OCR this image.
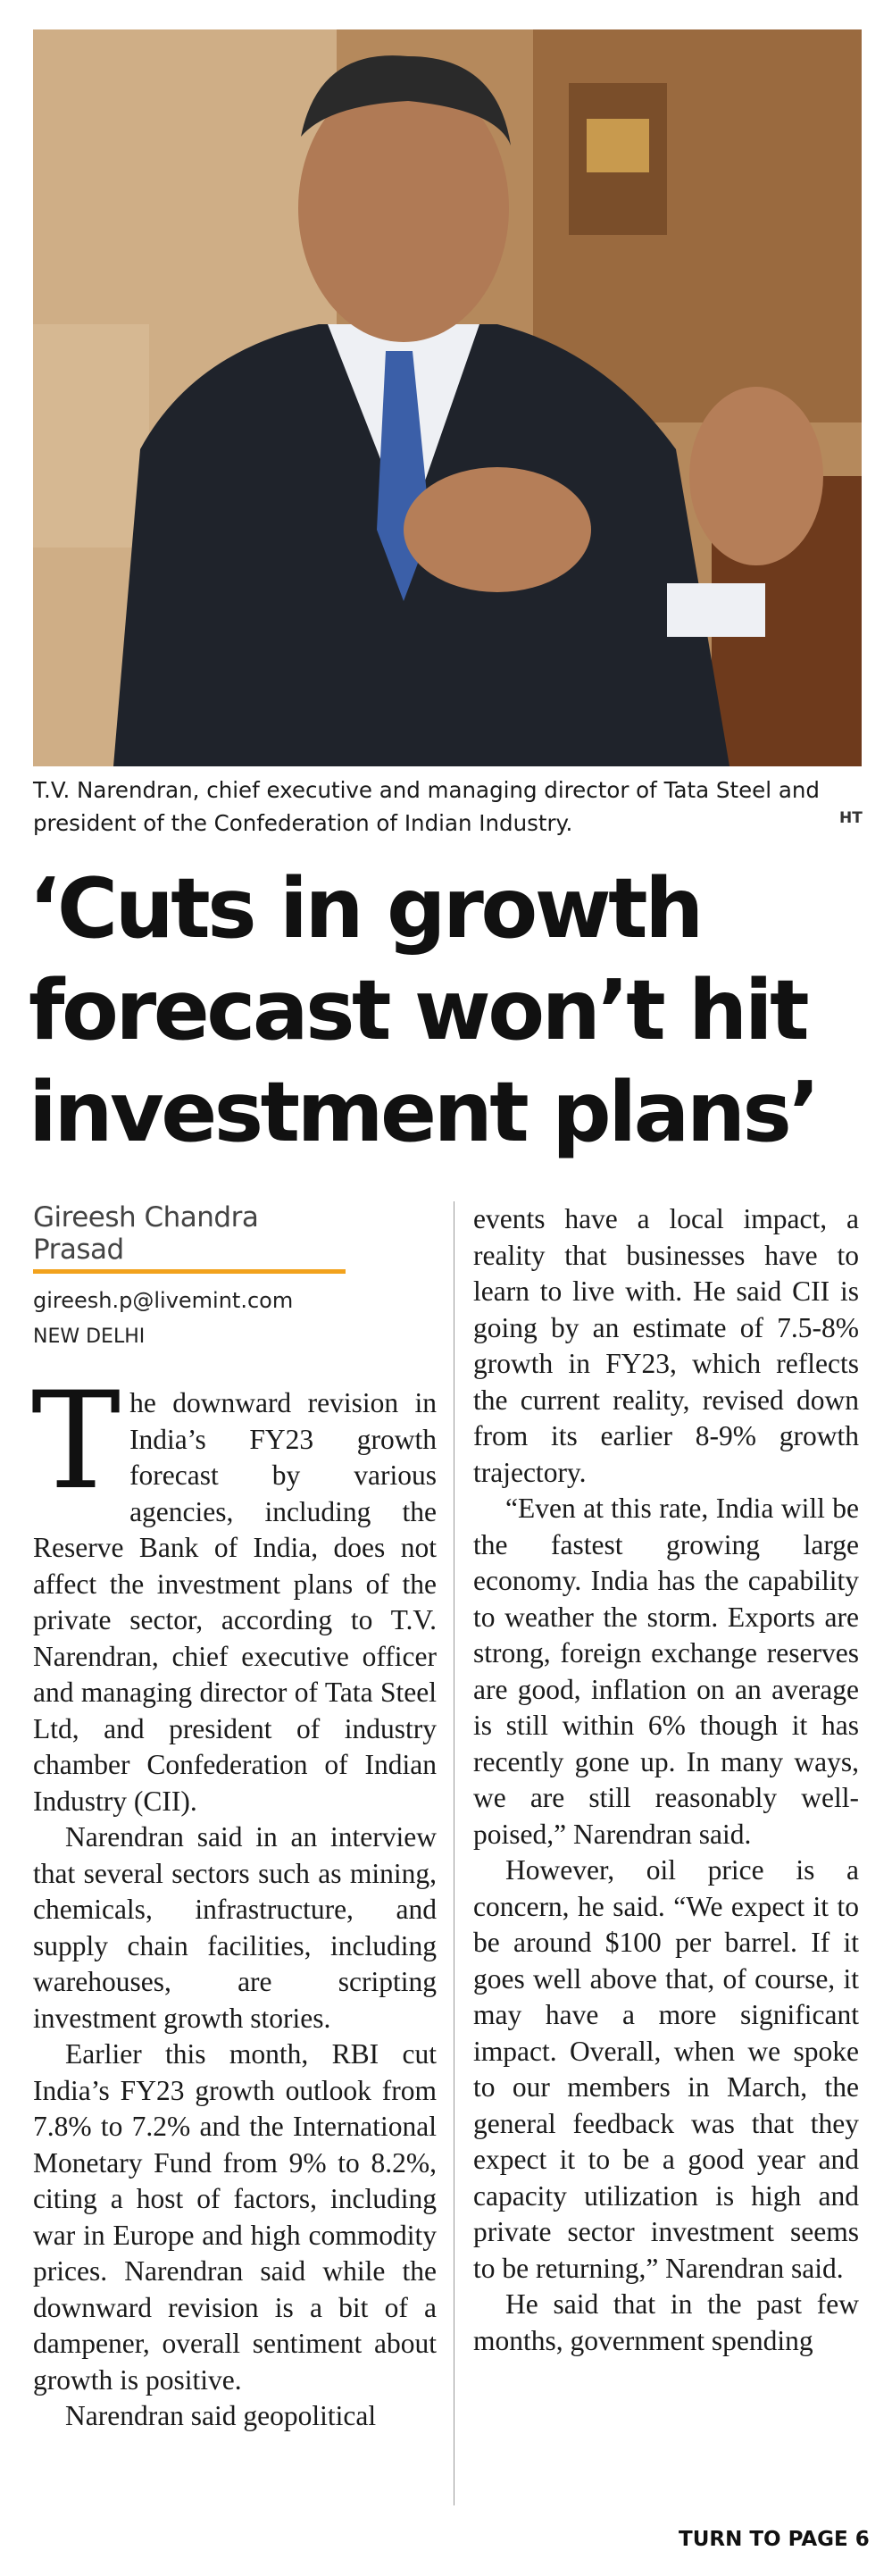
T.V. Narendran, chief executive and managing director of Tata Steel and president of the Confederation of Indian Industry.	HT
‘Cuts in growth forecast won’t hit investment plans’
Gireesh Chandra Prasad
gireesh.p@livemint.com
NEW DELHI

The downward revision in India’s FY23 growth forecast by various agencies, including the Reserve Bank of India, does not affect the investment plans of the private sector, according to T.V. Narendran, chief executive officer and managing director of Tata Steel Ltd, and president of industry chamber Confederation of Indian Industry (CII).

Narendran said in an interview that several sectors such as mining, chemicals, infrastructure, and supply chain facilities, including warehouses, are scripting investment growth stories.

Earlier this month, RBI cut India’s FY23 growth outlook from 7.8% to 7.2% and the International Monetary Fund from 9% to 8.2%, citing a host of factors, including war in Europe and high commodity prices. Narendran said while the downward revision is a bit of a dampener, overall sentiment about growth is positive.

Narendran said geopolitical

events have a local impact, a reality that businesses have to learn to live with. He said CII is going by an estimate of 7.5-8% growth in FY23, which reflects the current reality, revised down from its earlier 8-9% growth trajectory.

“Even at this rate, India will be the fastest growing large economy. India has the capability to weather the storm. Exports are strong, foreign exchange reserves are good, inflation on an average is still within 6% though it has recently gone up. In many ways, we are still reasonably well-poised,” Narendran said.

However, oil price is a concern, he said. “We expect it to be around $100 per barrel. If it goes well above that, of course, it may have a more significant impact. Overall, when we spoke to our members in March, the general feedback was that they expect it to be a good year and capacity utilization is high and private sector investment seems to be returning,” Narendran said.

He said that in the past few months, government spending

TURN TO PAGE 6
